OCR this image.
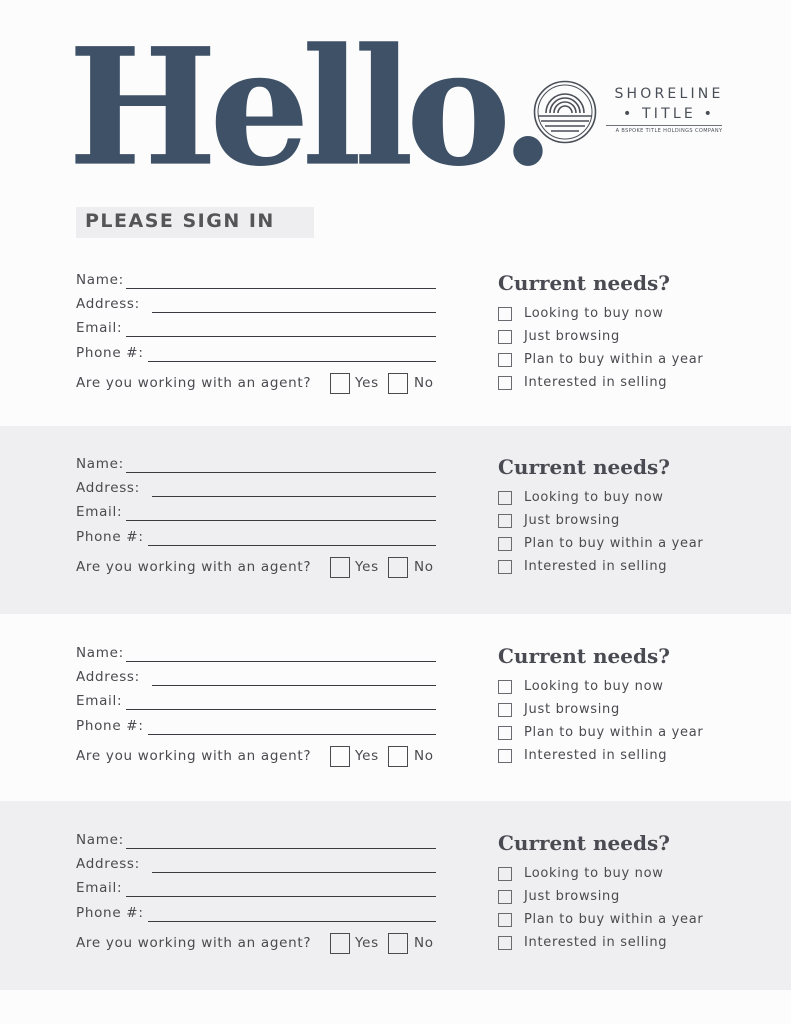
Hello.	SHORELINE
• TITLE •
A BSPOKE TITLE HOLDINGS COMPANY
PLEASE SIGN IN
Name:
Address:
Email:
Phone #:
Are you working with an agent?	Yes	No
Current needs?
Looking to buy now
Just browsing
Plan to buy within a year
Interested in selling
Name:
Address:
Email:
Phone #:
Are you working with an agent?	Yes	No
Current needs?
Looking to buy now
Just browsing
Plan to buy within a year
Interested in selling
Name:
Address:
Email:
Phone #:
Are you working with an agent?	Yes	No
Current needs?
Looking to buy now
Just browsing
Plan to buy within a year
Interested in selling
Name:
Address:
Email:
Phone #:
Are you working with an agent?	Yes	No
Current needs?
Looking to buy now
Just browsing
Plan to buy within a year
Interested in selling
